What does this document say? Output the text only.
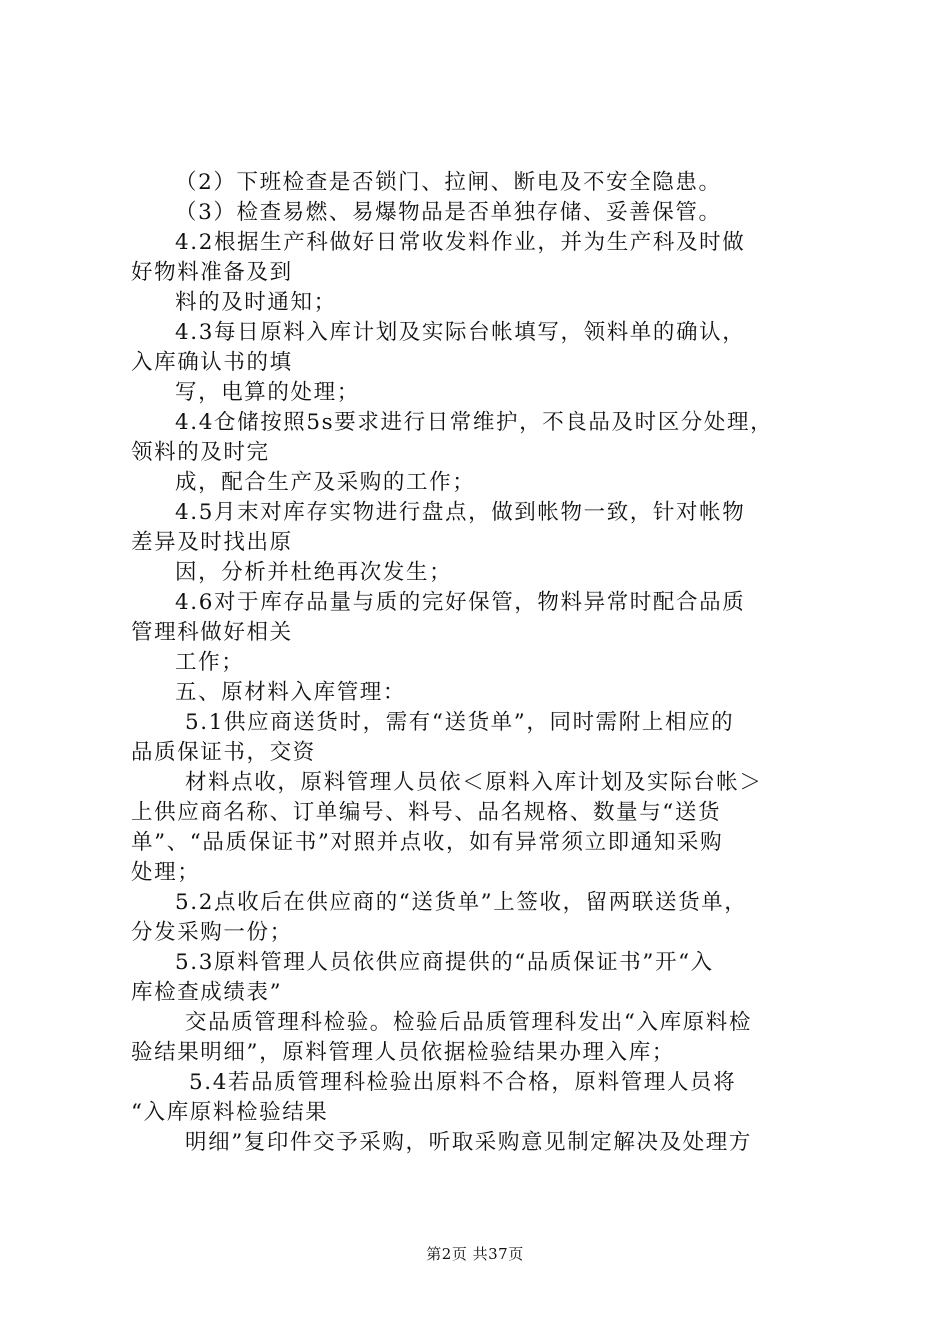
（2）下班检查是否锁门、拉闸、断电及不安全隐患。
（3）检查易燃、易爆物品是否单独存储、妥善保管。
4.2根据生产科做好日常收发料作业，并为生产科及时做
好物料准备及到
料的及时通知；
4.3每日原料入库计划及实际台帐填写，领料单的确认，
入库确认书的填
写，电算的处理；
4.4仓储按照5s要求进行日常维护，不良品及时区分处理，
领料的及时完
成，配合生产及采购的工作；
4.5月末对库存实物进行盘点，做到帐物一致，针对帐物
差异及时找出原
因，分析并杜绝再次发生；
4.6对于库存品量与质的完好保管，物料异常时配合品质
管理科做好相关
工作；
五、原材料入库管理：
5.1供应商送货时，需有“送货单”，同时需附上相应的
品质保证书，交资
材料点收，原料管理人员依＜原料入库计划及实际台帐＞
上供应商名称、订单编号、料号、品名规格、数量与“送货
单”、“品质保证书”对照并点收，如有异常须立即通知采购
处理；
5.2点收后在供应商的“送货单”上签收，留两联送货单，
分发采购一份；
5.3原料管理人员依供应商提供的“品质保证书”开“入
库检查成绩表”
交品质管理科检验。检验后品质管理科发出“入库原料检
验结果明细”，原料管理人员依据检验结果办理入库；
5.4若品质管理科检验出原料不合格，原料管理人员将
“入库原料检验结果
明细”复印件交予采购，听取采购意见制定解决及处理方
第2页 共37页
